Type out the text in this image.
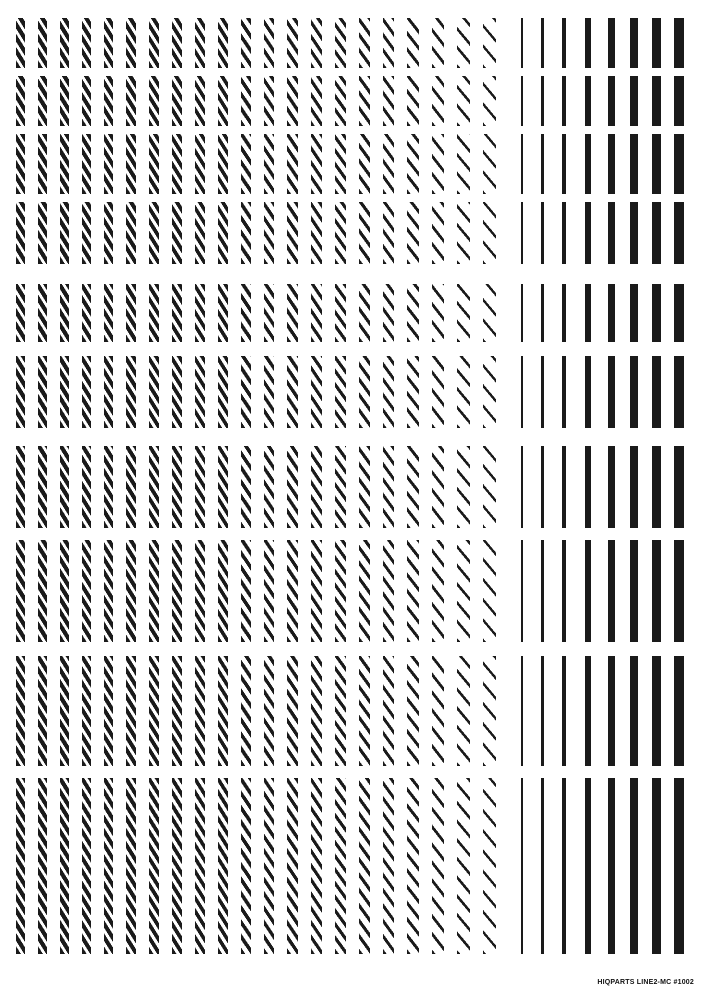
HIQPARTS LINE2-MC #1002
